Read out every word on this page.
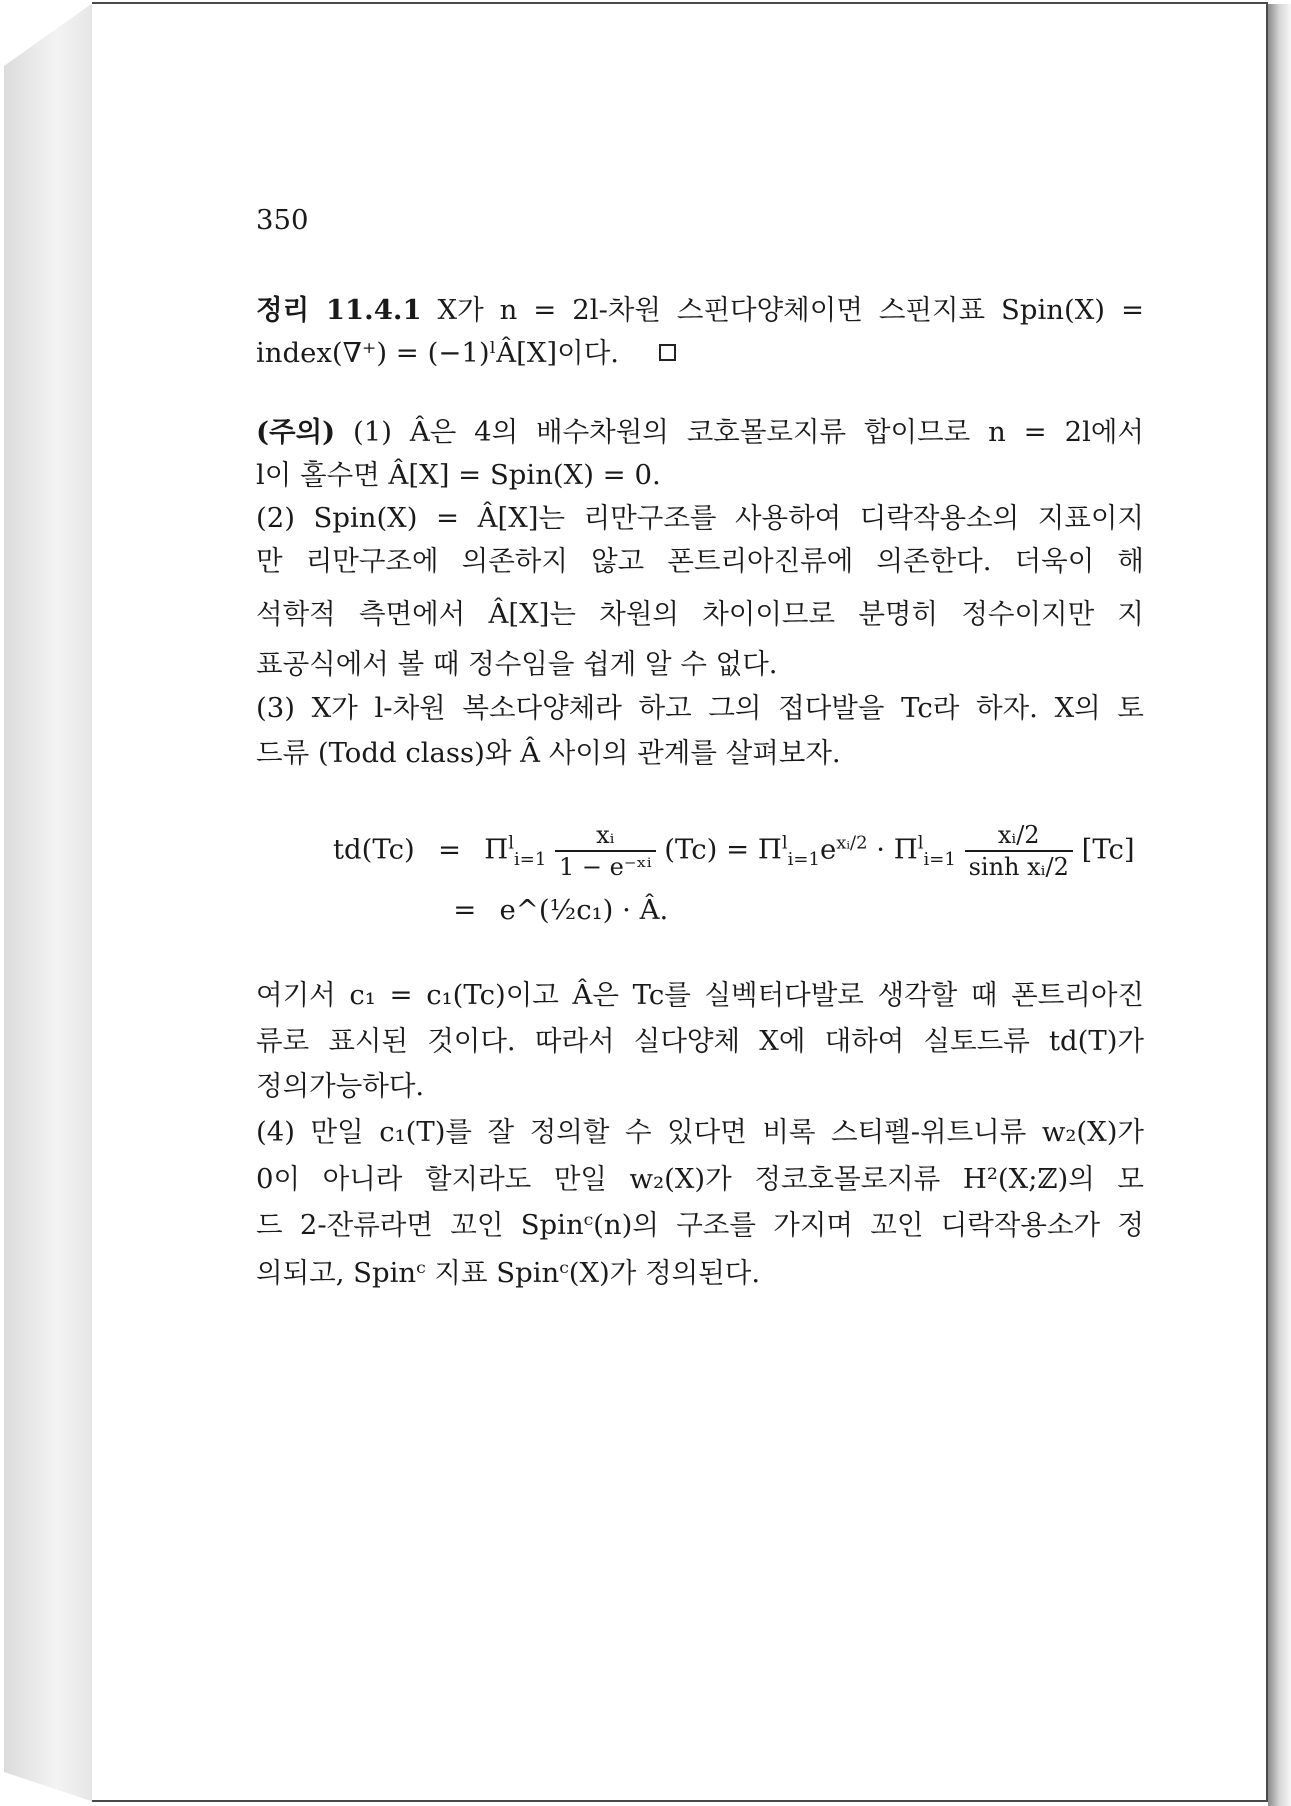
350
정리 11.4.1 X가 n = 2l-차원 스핀다양체이면 스핀지표 Spin(X) =
index(∇⁺) = (−1)ˡÂ[X]이다.
(주의) (1) Â은 4의 배수차원의 코호몰로지류 합이므로 n = 2l에서
l이 홀수면 Â[X] = Spin(X) = 0.
(2) Spin(X) = Â[X]는 리만구조를 사용하여 디락작용소의 지표이지
만 리만구조에 의존하지 않고 폰트리아진류에 의존한다. 더욱이 해
석학적 측면에서 Â[X]는 차원의 차이이므로 분명히 정수이지만 지
표공식에서 볼 때 정수임을 쉽게 알 수 없다.
(3) X가 l-차원 복소다양체라 하고 그의 접다발을 Tc라 하자. X의 토
드류 (Todd class)와 Â 사이의 관계를 살펴보자.
$td(Tc) = \Pi^l_{i=1} \frac{\text{xᵢ}}{\text{1 − e⁻ˣⁱ}} (Tc) = \Pi^l_{i=1}e^{xᵢ/2} \cdot \Pi^l_{i=1} \frac{\text{xᵢ/2}}{\text{sinh xᵢ/2}} [Tc]$
= e^(½c₁) · Â.
여기서 c₁ = c₁(Tc)이고 Â은 Tc를 실벡터다발로 생각할 때 폰트리아진
류로 표시된 것이다. 따라서 실다양체 X에 대하여 실토드류 td(T)가
정의가능하다.
(4) 만일 c₁(T)를 잘 정의할 수 있다면 비록 스티펠-위트니류 w₂(X)가
0이 아니라 할지라도 만일 w₂(X)가 정코호몰로지류 H²(X;ℤ)의 모
드 2-잔류라면 꼬인 Spinᶜ(n)의 구조를 가지며 꼬인 디락작용소가 정
의되고, Spinᶜ 지표 Spinᶜ(X)가 정의된다.
